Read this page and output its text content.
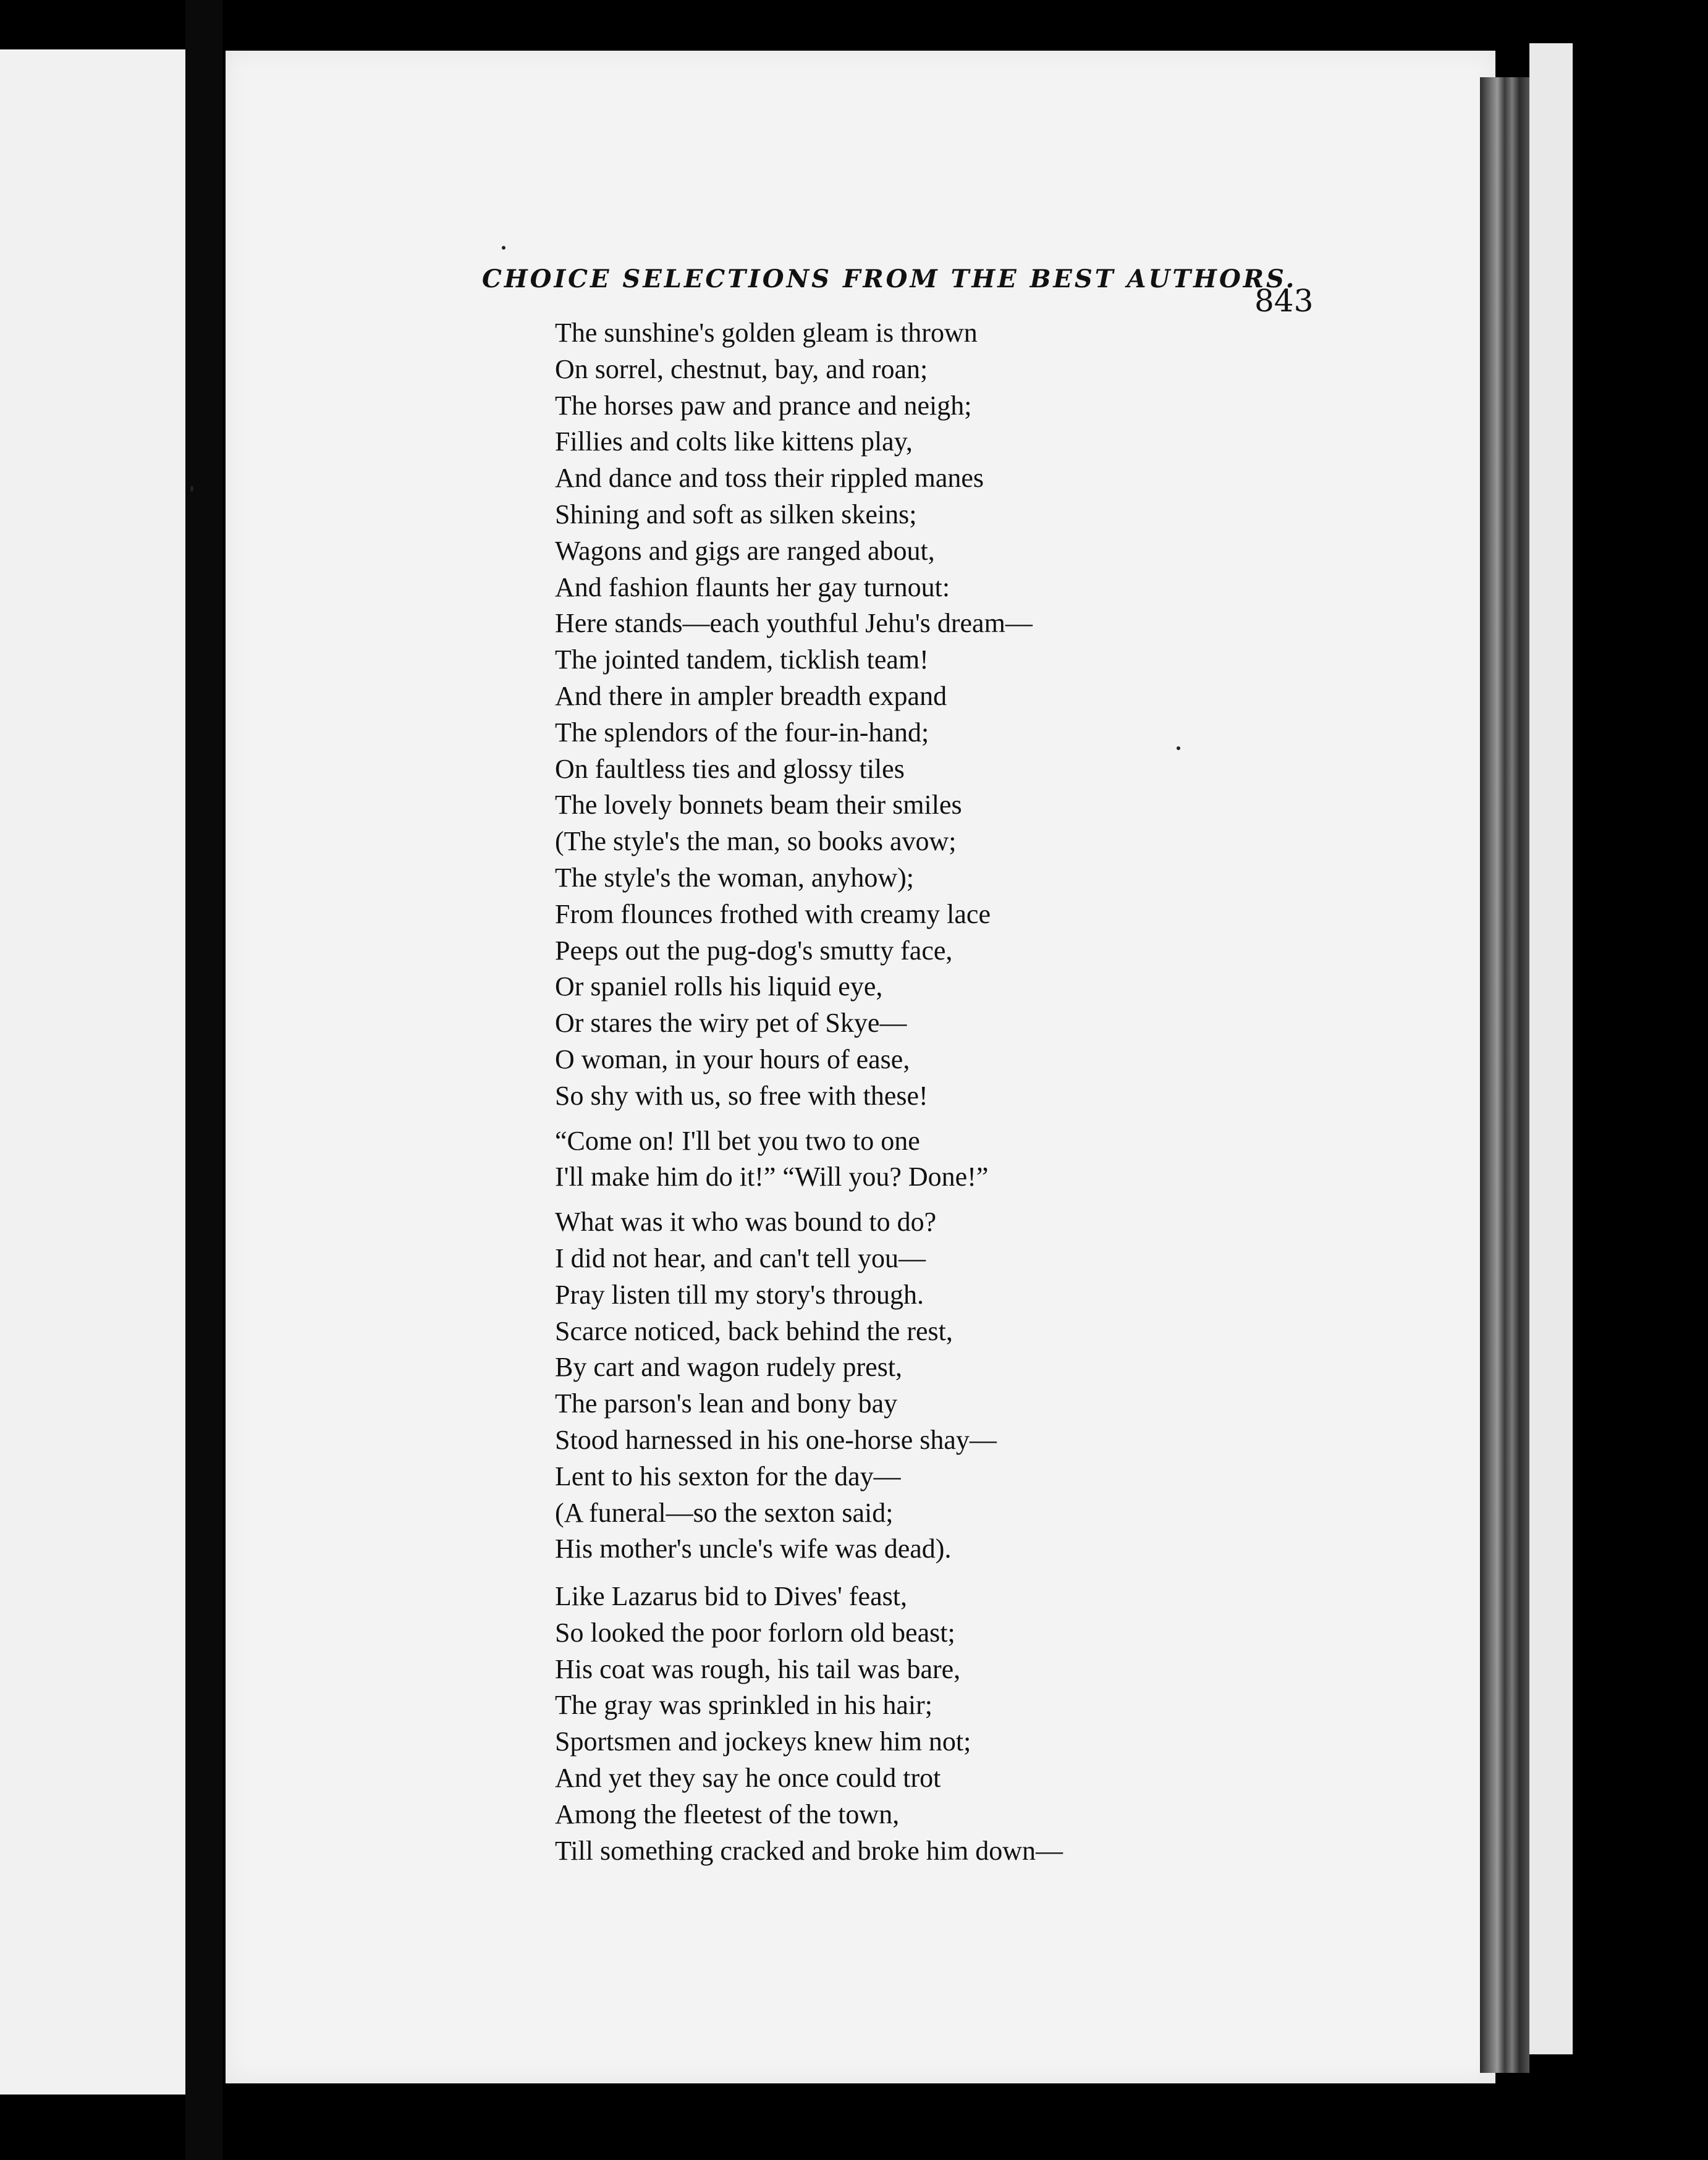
CHOICE SELECTIONS FROM THE BEST AUTHORS.
843
The sunshine's golden gleam is thrown
On sorrel, chestnut, bay, and roan;
The horses paw and prance and neigh;
Fillies and colts like kittens play,
And dance and toss their rippled manes
Shining and soft as silken skeins;
Wagons and gigs are ranged about,
And fashion flaunts her gay turnout:
Here stands—each youthful Jehu's dream—
The jointed tandem, ticklish team!
And there in ampler breadth expand
The splendors of the four-in-hand;
On faultless ties and glossy tiles
The lovely bonnets beam their smiles
(The style's the man, so books avow;
The style's the woman, anyhow);
From flounces frothed with creamy lace
Peeps out the pug-dog's smutty face,
Or spaniel rolls his liquid eye,
Or stares the wiry pet of Skye—
O woman, in your hours of ease,
So shy with us, so free with these!
“Come on! I'll bet you two to one
I'll make him do it!” “Will you? Done!”
What was it who was bound to do?
I did not hear, and can't tell you—
Pray listen till my story's through.
Scarce noticed, back behind the rest,
By cart and wagon rudely prest,
The parson's lean and bony bay
Stood harnessed in his one-horse shay—
Lent to his sexton for the day—
(A funeral—so the sexton said;
His mother's uncle's wife was dead).
Like Lazarus bid to Dives' feast,
So looked the poor forlorn old beast;
His coat was rough, his tail was bare,
The gray was sprinkled in his hair;
Sportsmen and jockeys knew him not;
And yet they say he once could trot
Among the fleetest of the town,
Till something cracked and broke him down—
